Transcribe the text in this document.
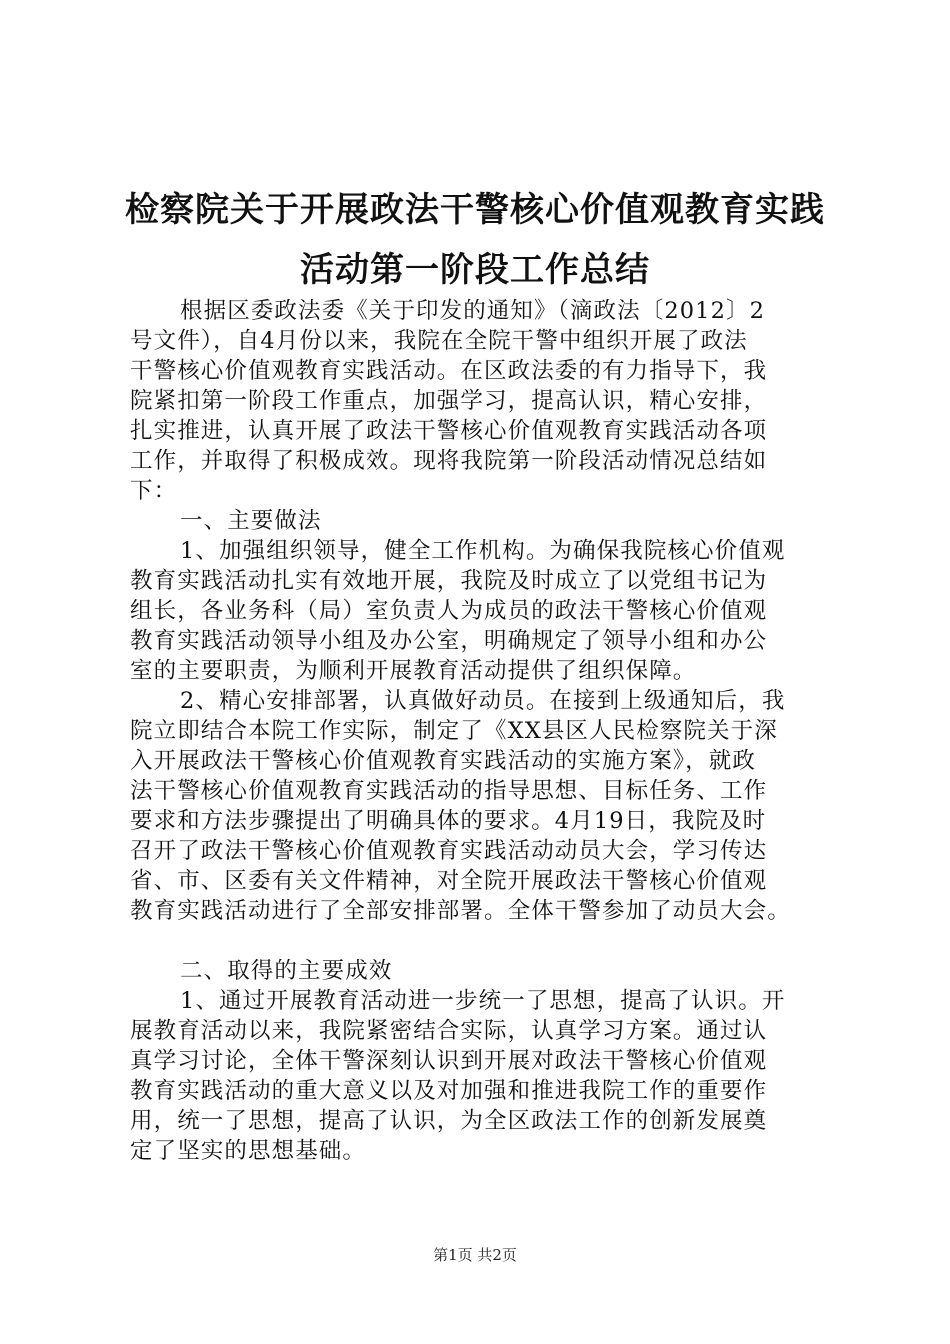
检察院关于开展政法干警核心价值观教育实践
活动第一阶段工作总结
根据区委政法委《关于印发的通知》（滴政法〔2012〕2
号文件），自4月份以来，我院在全院干警中组织开展了政法
干警核心价值观教育实践活动。在区政法委的有力指导下，我
院紧扣第一阶段工作重点，加强学习，提高认识，精心安排，
扎实推进，认真开展了政法干警核心价值观教育实践活动各项
工作，并取得了积极成效。现将我院第一阶段活动情况总结如
下：
一、主要做法
1、加强组织领导，健全工作机构。为确保我院核心价值观
教育实践活动扎实有效地开展，我院及时成立了以党组书记为
组长，各业务科（局）室负责人为成员的政法干警核心价值观
教育实践活动领导小组及办公室，明确规定了领导小组和办公
室的主要职责，为顺利开展教育活动提供了组织保障。
2、精心安排部署，认真做好动员。在接到上级通知后，我
院立即结合本院工作实际，制定了《XX县区人民检察院关于深
入开展政法干警核心价值观教育实践活动的实施方案》，就政
法干警核心价值观教育实践活动的指导思想、目标任务、工作
要求和方法步骤提出了明确具体的要求。4月19日，我院及时
召开了政法干警核心价值观教育实践活动动员大会，学习传达
省、市、区委有关文件精神，对全院开展政法干警核心价值观
教育实践活动进行了全部安排部署。全体干警参加了动员大会。
二、取得的主要成效
1、通过开展教育活动进一步统一了思想，提高了认识。开
展教育活动以来，我院紧密结合实际，认真学习方案。通过认
真学习讨论，全体干警深刻认识到开展对政法干警核心价值观
教育实践活动的重大意义以及对加强和推进我院工作的重要作
用，统一了思想，提高了认识，为全区政法工作的创新发展奠
定了坚实的思想基础。
第1页 共2页
